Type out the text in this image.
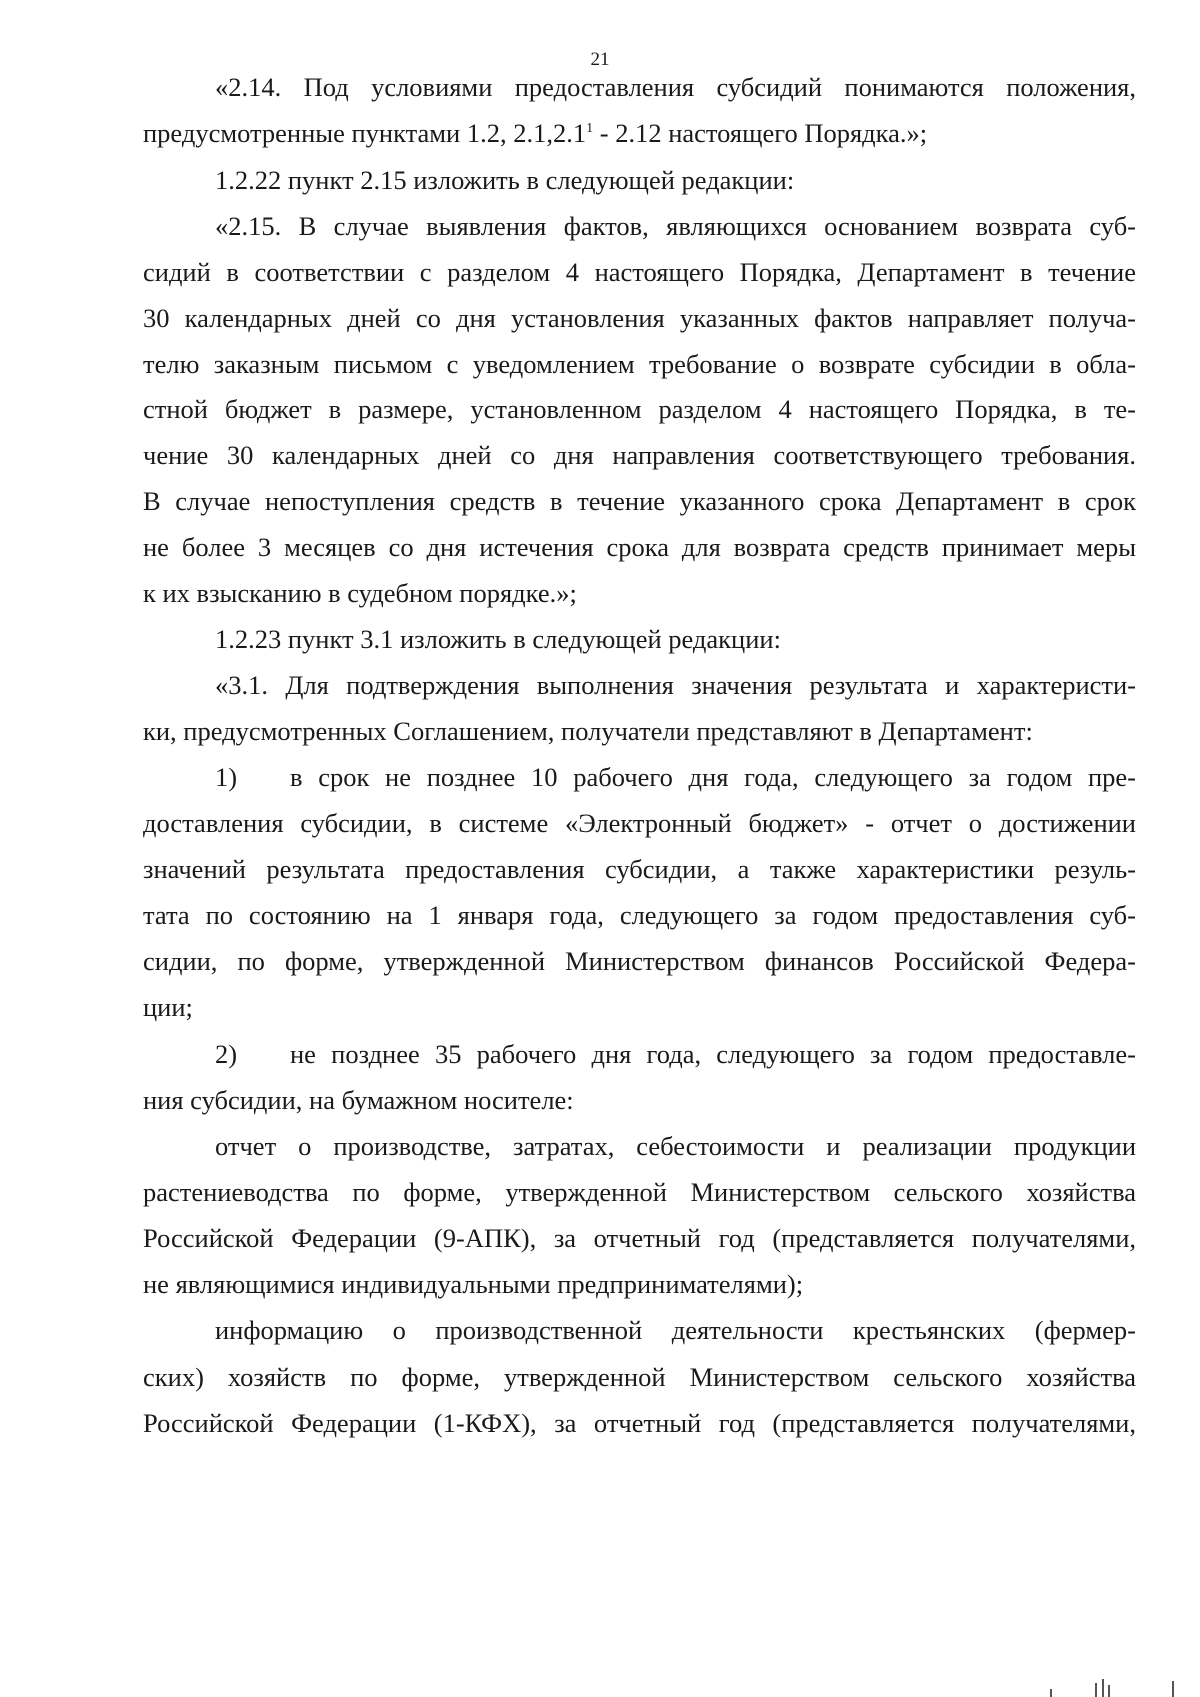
21
«2.14. Под условиями предоставления субсидий понимаются положения,
предусмотренные пунктами 1.2, 2.1,2.1$^1$ - 2.12 настоящего Порядка.»;
1.2.22 пункт 2.15 изложить в следующей редакции:
«2.15. В случае выявления фактов, являющихся основанием возврата суб-
сидий в соответствии с разделом 4 настоящего Порядка, Департамент в течение
30 календарных дней со дня установления указанных фактов направляет получа-
телю заказным письмом с уведомлением требование о возврате субсидии в обла-
стной бюджет в размере, установленном разделом 4 настоящего Порядка, в те-
чение 30 календарных дней со дня направления соответствующего требования.
В случае непоступления средств в течение указанного срока Департамент в срок
не более 3 месяцев со дня истечения срока для возврата средств принимает меры
к их взысканию в судебном порядке.»;
1.2.23 пункт 3.1 изложить в следующей редакции:
«3.1. Для подтверждения выполнения значения результата и характеристи-
ки, предусмотренных Соглашением, получатели представляют в Департамент:
1) в срок не позднее 10 рабочего дня года, следующего за годом пре-
доставления субсидии, в системе «Электронный бюджет» - отчет о достижении
значений результата предоставления субсидии, а также характеристики резуль-
тата по состоянию на 1 января года, следующего за годом предоставления суб-
сидии, по форме, утвержденной Министерством финансов Российской Федера-
ции;
2) не позднее 35 рабочего дня года, следующего за годом предоставле-
ния субсидии, на бумажном носителе:
отчет о производстве, затратах, себестоимости и реализации продукции
растениеводства по форме, утвержденной Министерством сельского хозяйства
Российской Федерации (9-АПК), за отчетный год (представляется получателями,
не являющимися индивидуальными предпринимателями);
информацию о производственной деятельности крестьянских (фермер-
ских) хозяйств по форме, утвержденной Министерством сельского хозяйства
Российской Федерации (1-КФХ), за отчетный год (представляется получателями,
